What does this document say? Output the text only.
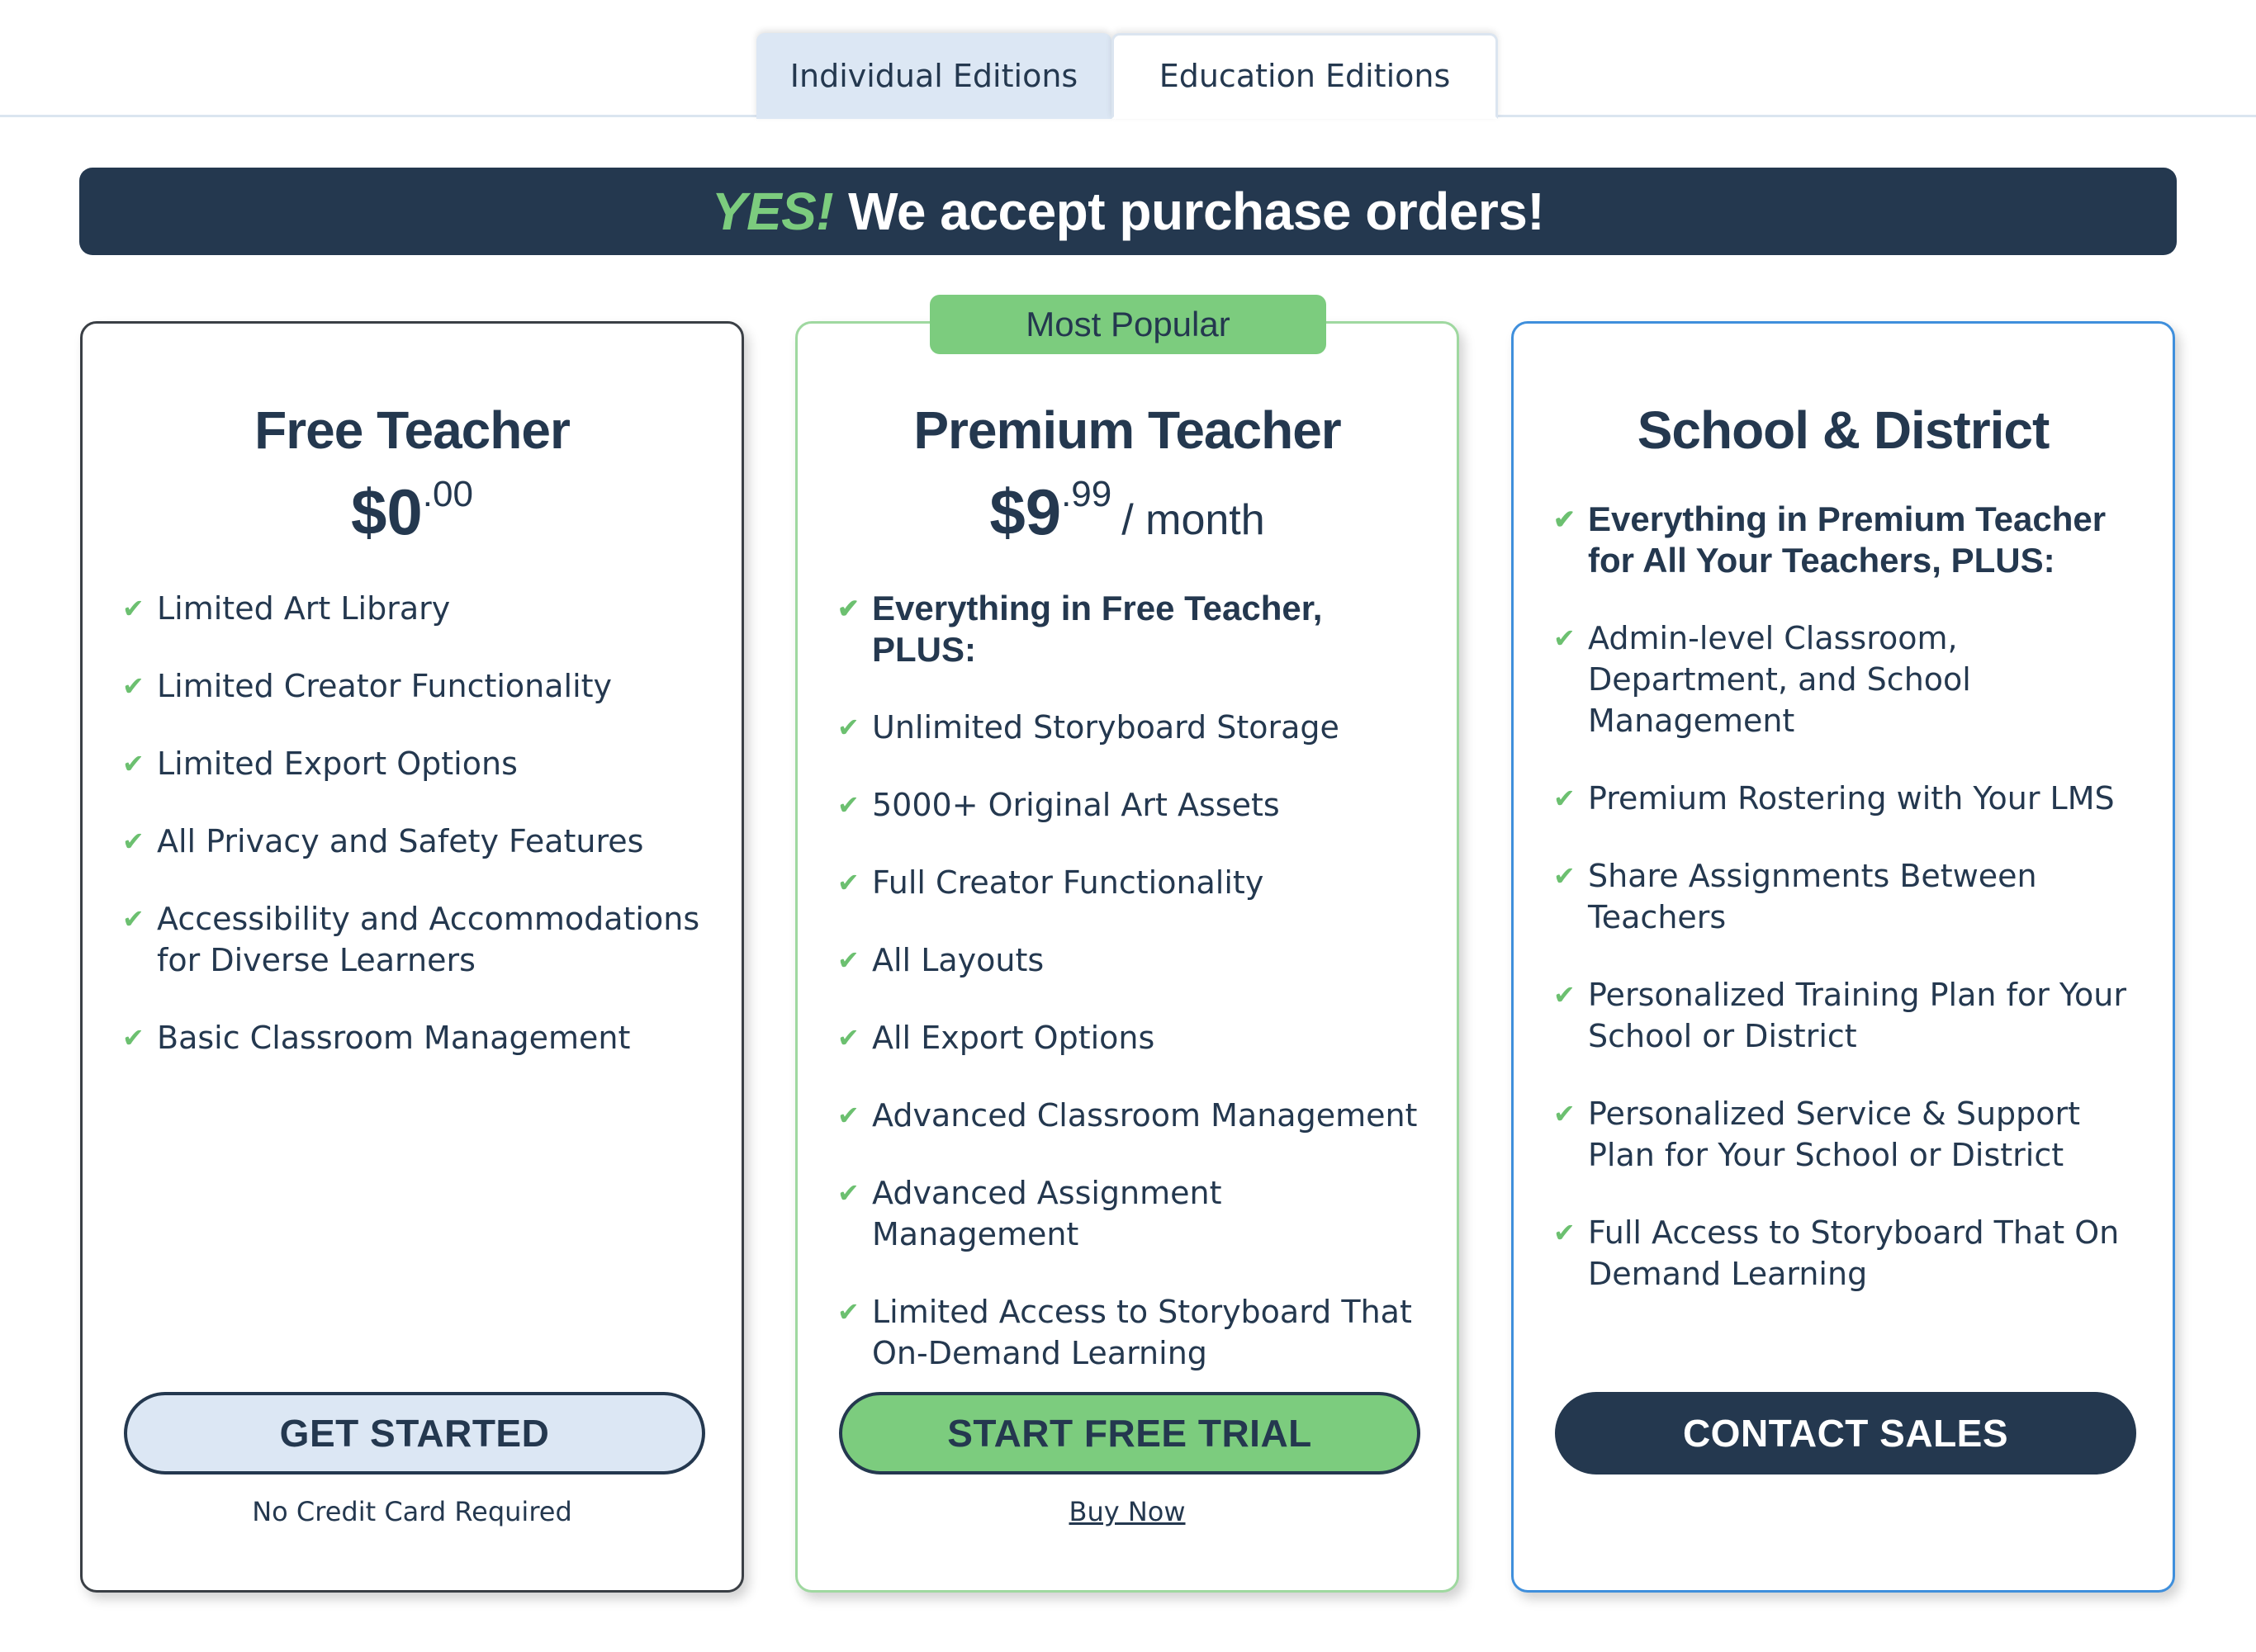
Individual Editions	Education Editions
YES! We accept purchase orders!
Free Teacher
$0.00
✔ Limited Art Library
✔ Limited Creator Functionality
✔ Limited Export Options
✔ All Privacy and Safety Features
✔ Accessibility and Accommodations for Diverse Learners
✔ Basic Classroom Management
GET STARTED
No Credit Card Required
Most Popular
Premium Teacher
$9.99/ month
✔ Everything in Free Teacher, PLUS:
✔ Unlimited Storyboard Storage
✔ 5000+ Original Art Assets
✔ Full Creator Functionality
✔ All Layouts
✔ All Export Options
✔ Advanced Classroom Management
✔ Advanced Assignment Management
✔ Limited Access to Storyboard That On-Demand Learning
START FREE TRIAL
Buy Now
School & District
✔ Everything in Premium Teacher for All Your Teachers, PLUS:
✔ Admin-level Classroom, Department, and School Management
✔ Premium Rostering with Your LMS
✔ Share Assignments Between Teachers
✔ Personalized Training Plan for Your School or District
✔ Personalized Service & Support Plan for Your School or District
✔ Full Access to Storyboard That On Demand Learning
CONTACT SALES
